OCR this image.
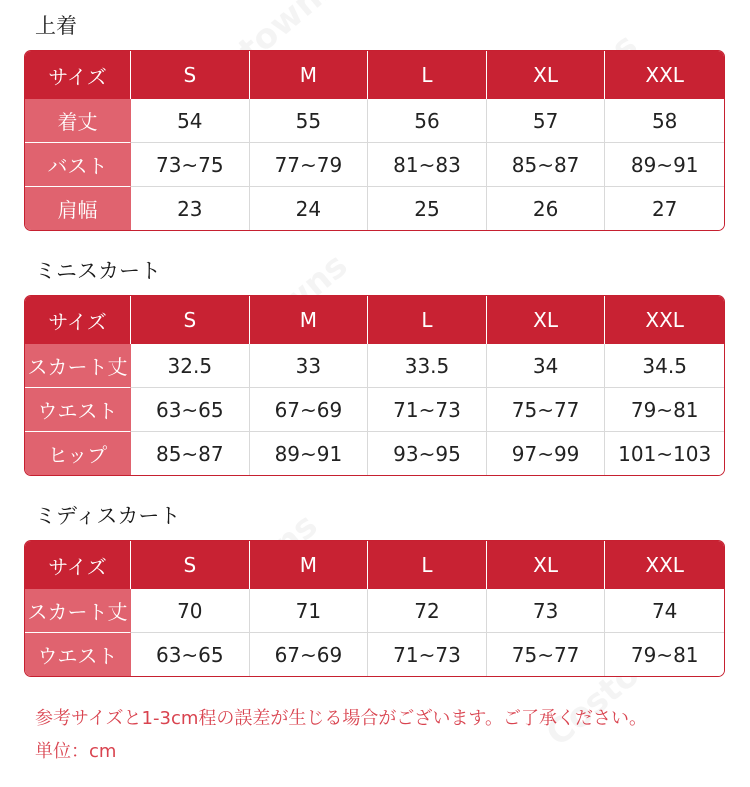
上着
サイズ	S	M	L	XL	XXL
着丈	54	55	56	57	58
バスト	73~75	77~79	81~83	85~87	89~91
肩幅	23	24	25	26	27
ミニスカート
サイズ	S	M	L	XL	XXL
スカート丈	32.5	33	33.5	34	34.5
ウエスト	63~65	67~69	71~73	75~77	79~81
ヒップ	85~87	89~91	93~95	97~99	101~103
ミディスカート
サイズ	S	M	L	XL	XXL
スカート丈	70	71	72	73	74
ウエスト	63~65	67~69	71~73	75~77	79~81
参考サイズと1-3cm程の誤差が生じる場合がございます。ご了承ください。
単位：cm
